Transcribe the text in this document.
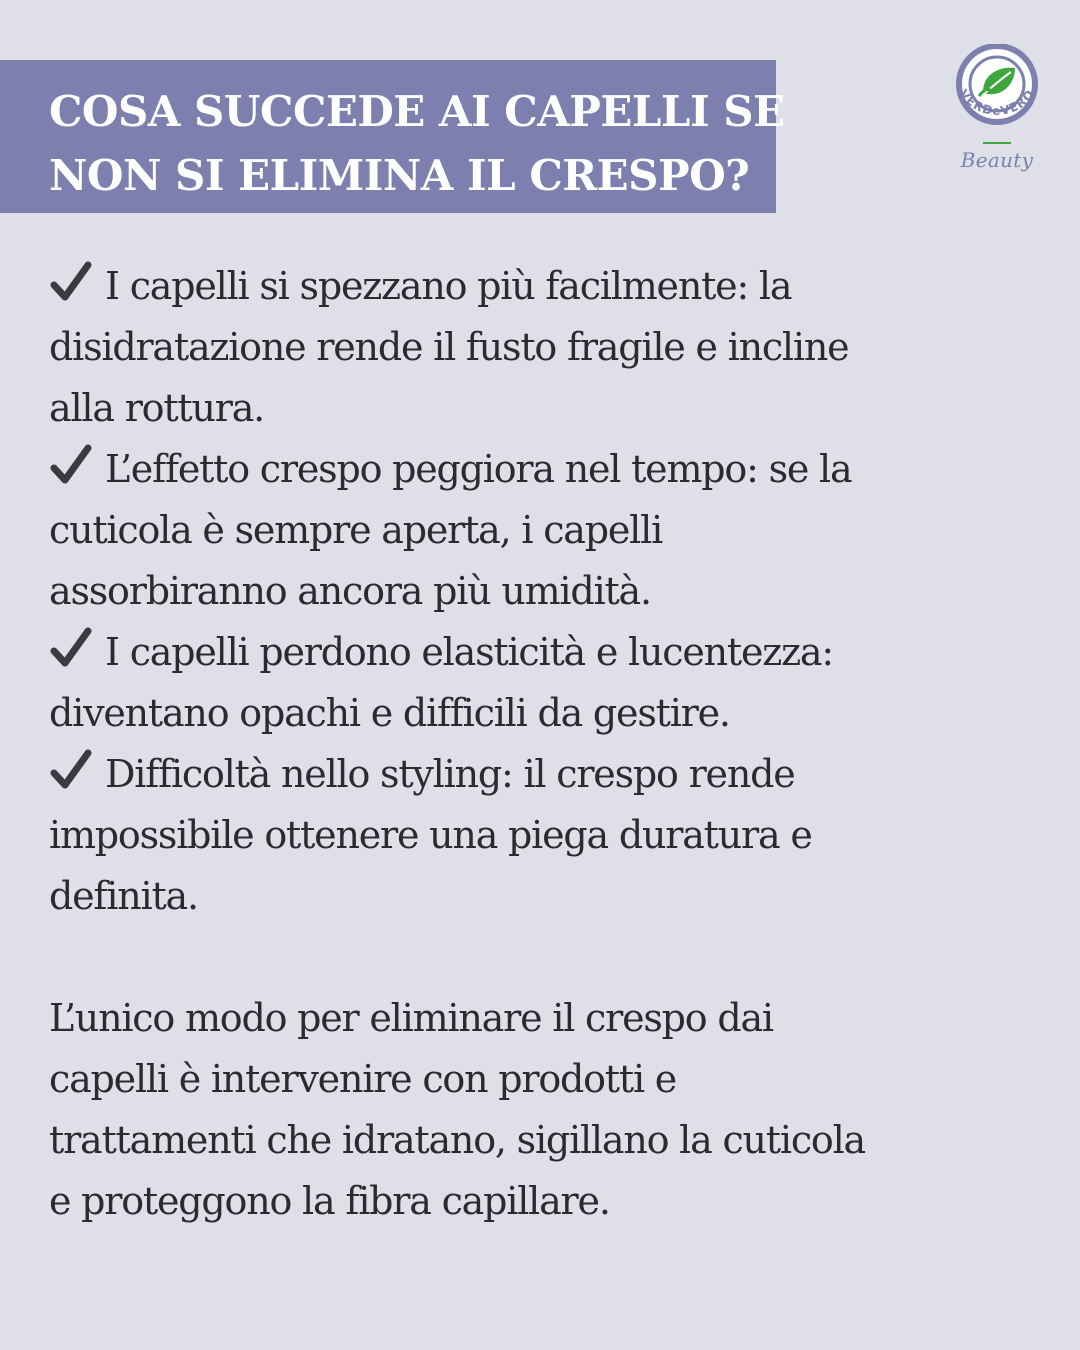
COSA SUCCEDE AI CAPELLI SE
NON SI ELIMINA IL CRESPO?
VERDeVERO
Beauty
I capelli si spezzano più facilmente: la
disidratazione rende il fusto fragile e incline
alla rottura.
L’effetto crespo peggiora nel tempo: se la
cuticola è sempre aperta, i capelli
assorbiranno ancora più umidità.
I capelli perdono elasticità e lucentezza:
diventano opachi e difficili da gestire.
Difficoltà nello styling: il crespo rende
impossibile ottenere una piega duratura e
definita.
L’unico modo per eliminare il crespo dai
capelli è intervenire con prodotti e
trattamenti che idratano, sigillano la cuticola
e proteggono la fibra capillare.
